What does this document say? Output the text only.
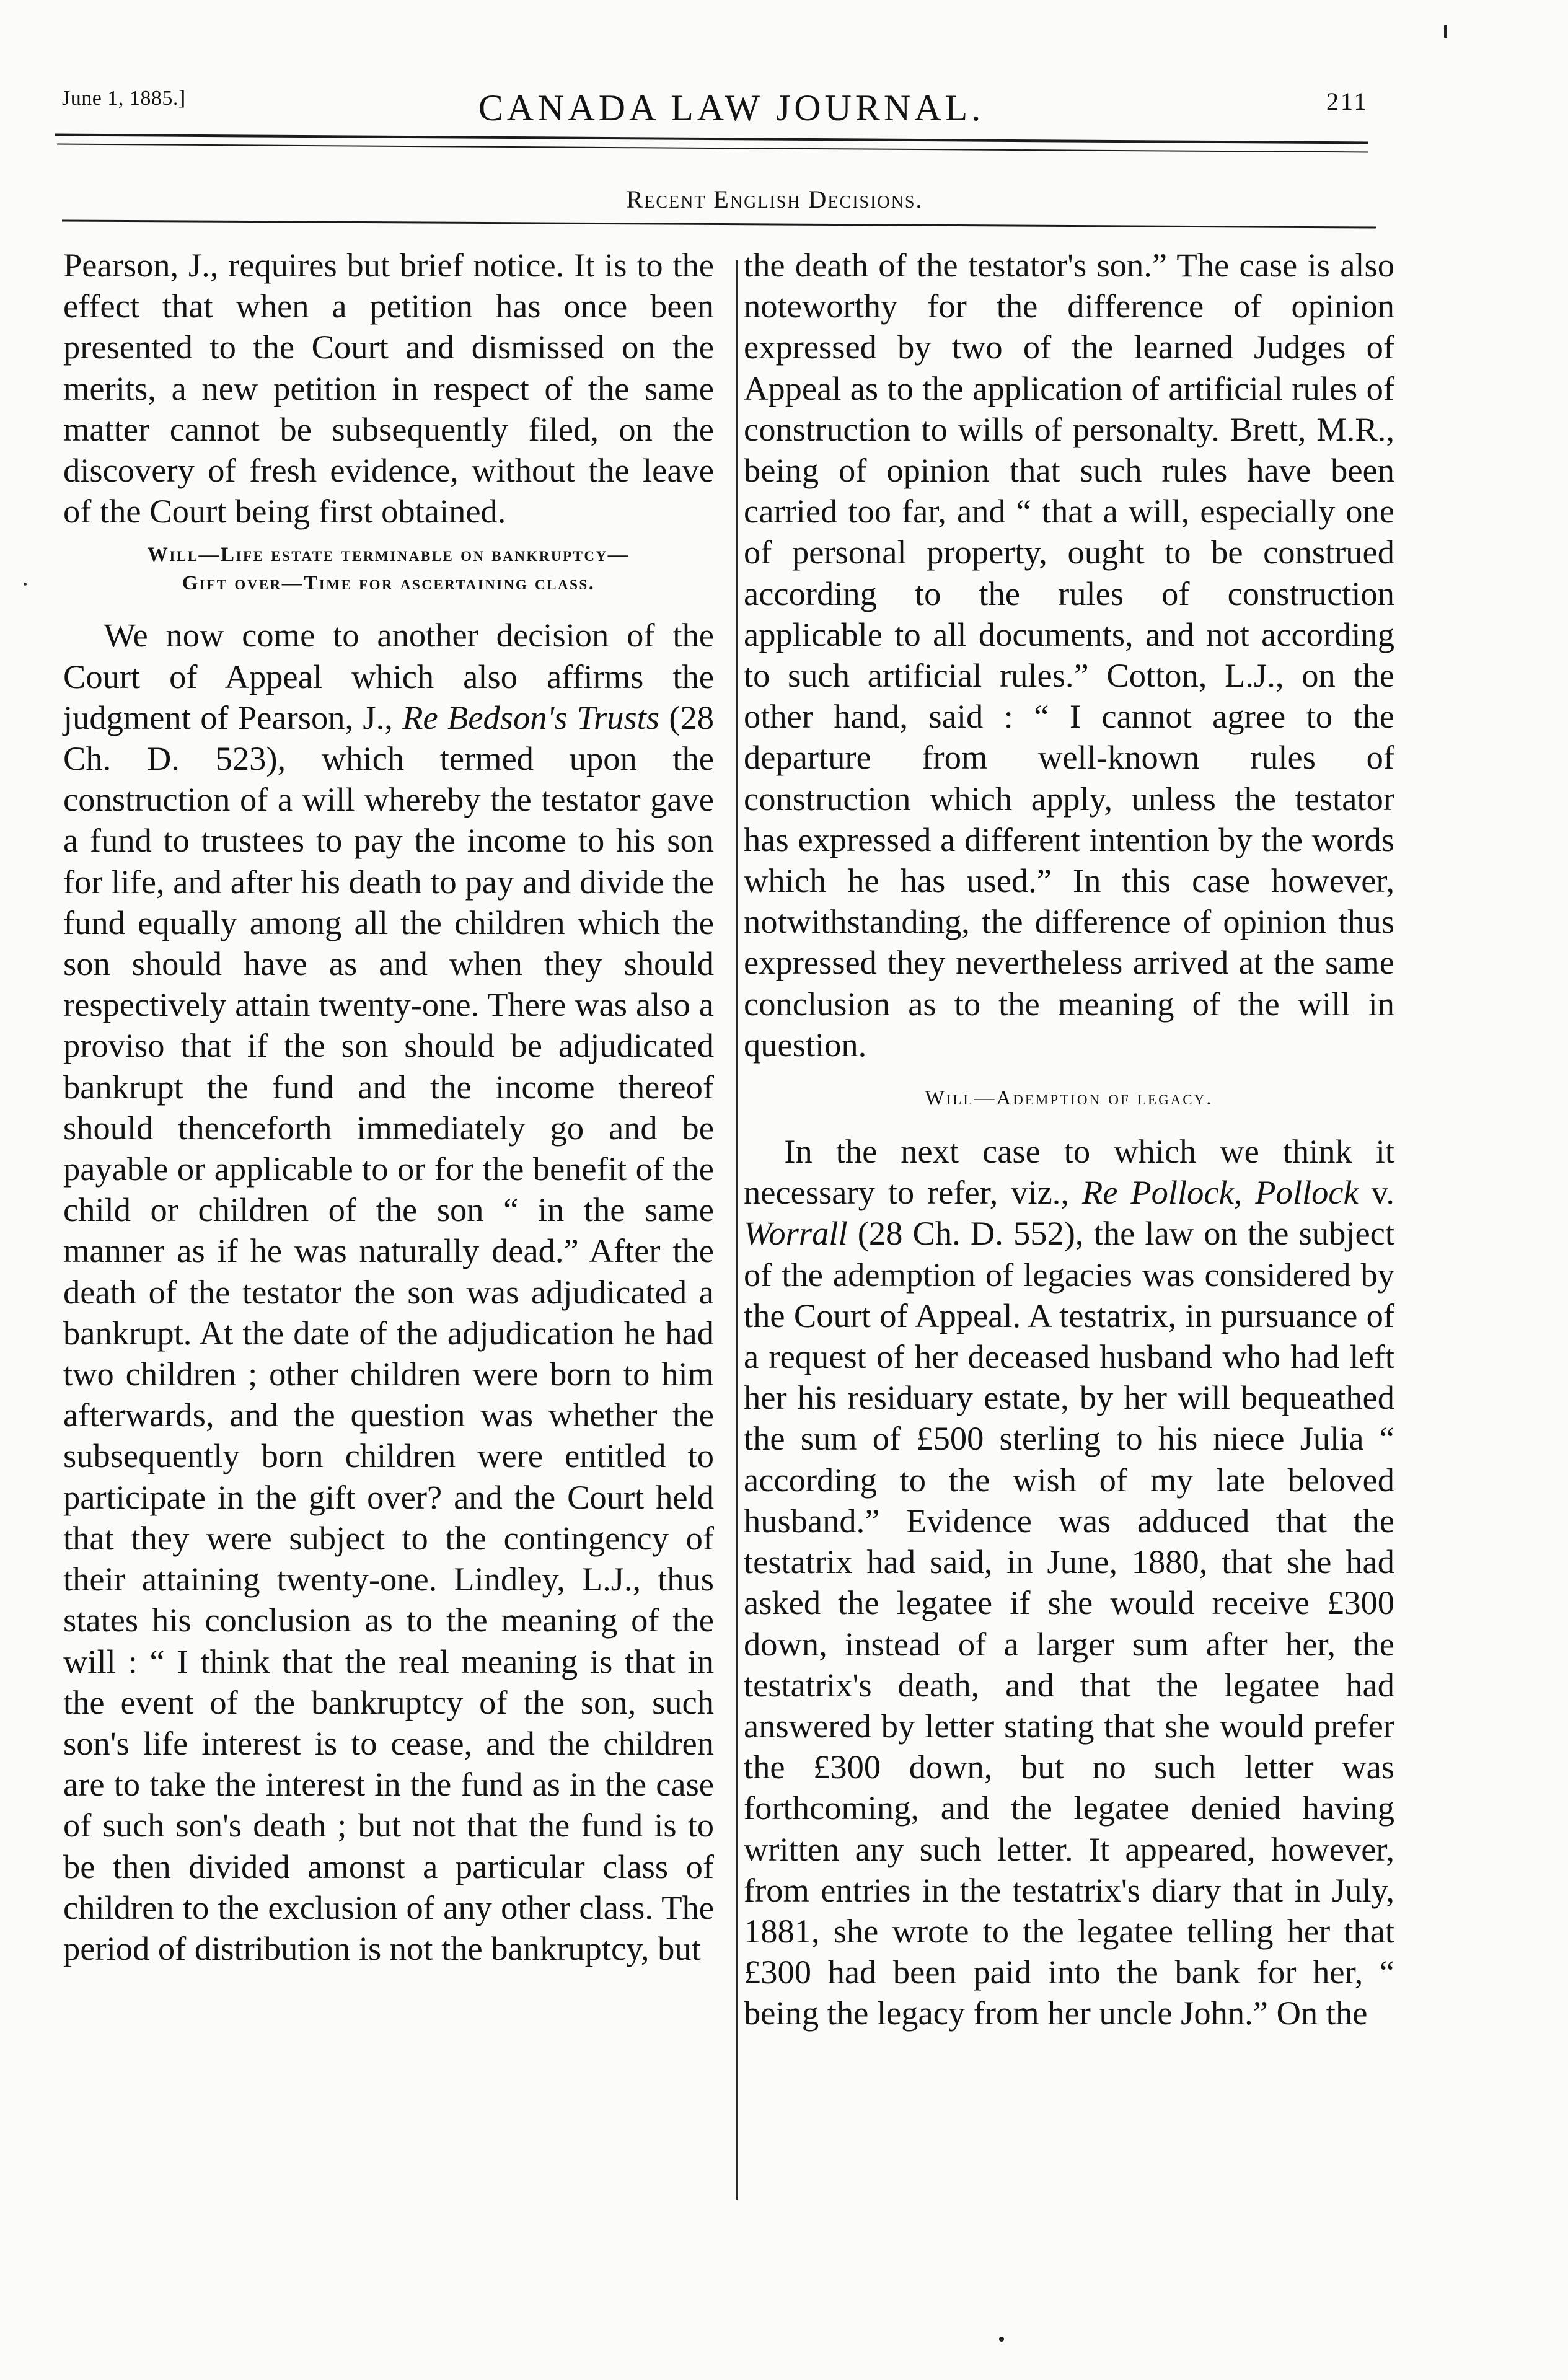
June 1, 1885.]	CANADA LAW JOURNAL.	211
Recent English Decisions.

Pearson, J., requires but brief notice. It is to the effect that when a petition has once been presented to the Court and dismissed on the merits, a new petition in respect of the same matter cannot be subsequently filed, on the discovery of fresh evidence, without the leave of the Court being first obtained.

Will—Life estate terminable on bankruptcy—
Gift over—Time for ascertaining class.

We now come to another decision of the Court of Appeal which also affirms the judgment of Pearson, J., Re Bedson's Trusts (28 Ch. D. 523), which termed upon the construction of a will whereby the testator gave a fund to trustees to pay the income to his son for life, and after his death to pay and divide the fund equally among all the children which the son should have as and when they should respectively attain twenty-one. There was also a proviso that if the son should be adjudicated bankrupt the fund and the income thereof should thenceforth immediately go and be payable or applicable to or for the benefit of the child or children of the son “ in the same manner as if he was naturally dead.” After the death of the testator the son was adjudicated a bankrupt. At the date of the adjudication he had two children ; other children were born to him afterwards, and the question was whether the subsequently born children were entitled to participate in the gift over? and the Court held that they were subject to the contingency of their attaining twenty-one. Lindley, L.J., thus states his conclusion as to the meaning of the will : “ I think that the real meaning is that in the event of the bankruptcy of the son, such son's life interest is to cease, and the children are to take the interest in the fund as in the case of such son's death ; but not that the fund is to be then divided amonst a particular class of children to the exclusion of any other class. The period of distribution is not the bankruptcy, but

the death of the testator's son.” The case is also noteworthy for the difference of opinion expressed by two of the learned Judges of Appeal as to the application of artificial rules of construction to wills of personalty. Brett, M.R., being of opinion that such rules have been carried too far, and “ that a will, especially one of personal property, ought to be construed according to the rules of construction applicable to all documents, and not according to such artificial rules.” Cotton, L.J., on the other hand, said : “ I cannot agree to the departure from well-known rules of construction which apply, unless the testator has expressed a different intention by the words which he has used.” In this case however, notwithstanding, the difference of opinion thus expressed they nevertheless arrived at the same conclusion as to the meaning of the will in question.

Will—Ademption of legacy.

In the next case to which we think it necessary to refer, viz., Re Pollock, Pollock v. Worrall (28 Ch. D. 552), the law on the subject of the ademption of legacies was considered by the Court of Appeal. A testatrix, in pursuance of a request of her deceased husband who had left her his residuary estate, by her will bequeathed the sum of £500 sterling to his niece Julia “ according to the wish of my late beloved husband.” Evidence was adduced that the testatrix had said, in June, 1880, that she had asked the legatee if she would receive £300 down, instead of a larger sum after her, the testatrix's death, and that the legatee had answered by letter stating that she would prefer the £300 down, but no such letter was forthcoming, and the legatee denied having written any such letter. It appeared, however, from entries in the testatrix's diary that in July, 1881, she wrote to the legatee telling her that £300 had been paid into the bank for her, “ being the legacy from her uncle John.” On the
